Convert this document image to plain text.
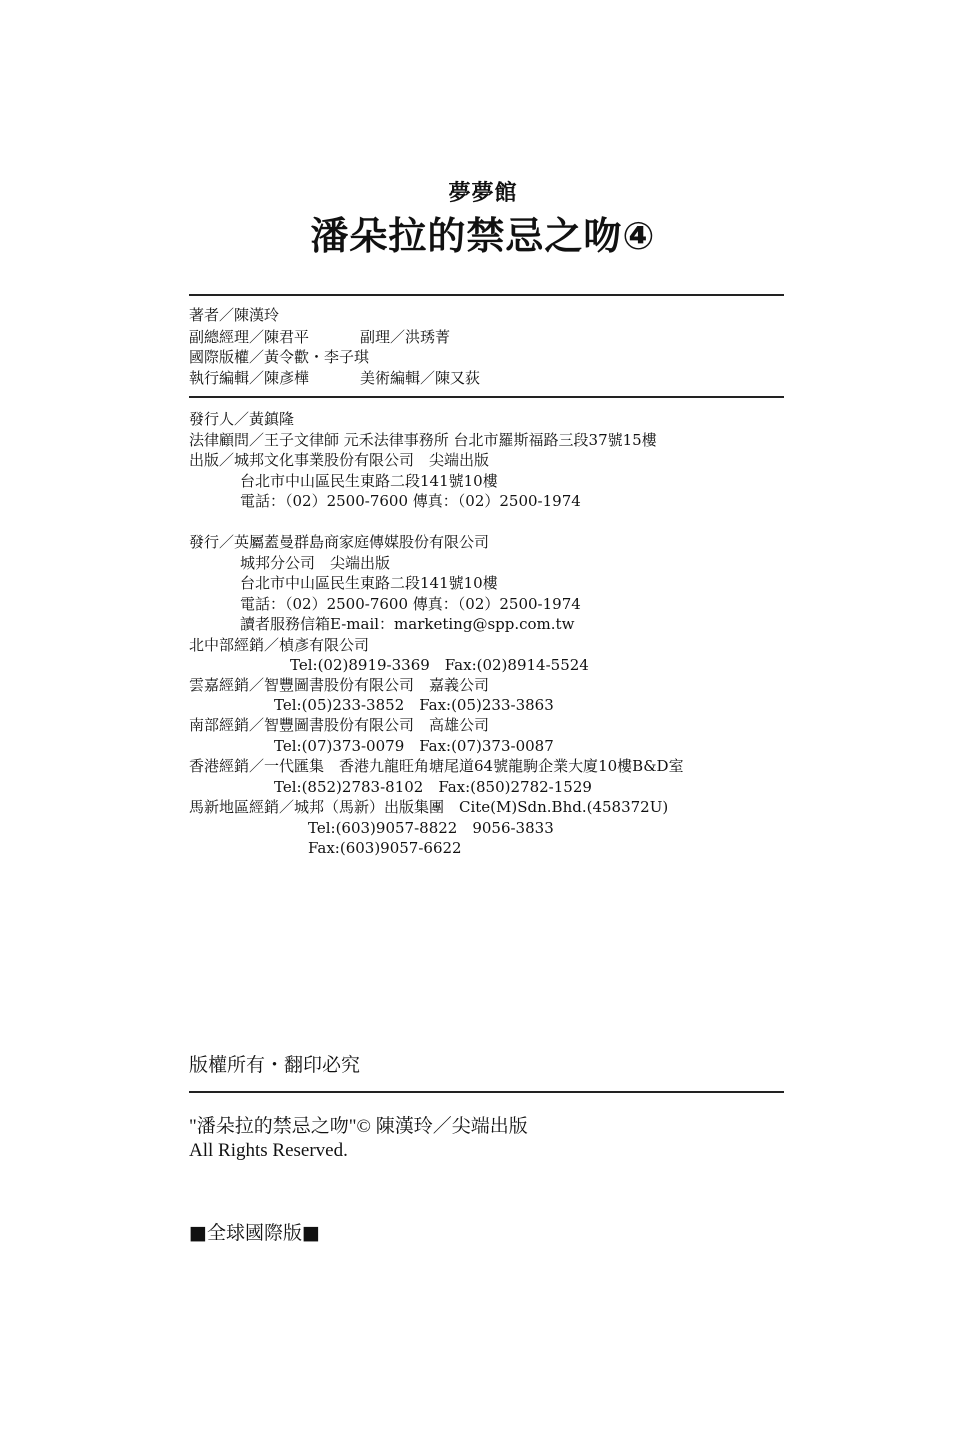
夢夢館
潘朵拉的禁忌之吻④
著者／陳漢玲
副總經理／陳君平	副理／洪琇菁
國際版權／黃令歡・李子琪
執行編輯／陳彥樺	美術編輯／陳又荻
發行人／黃鎮隆
法律顧問／王子文律師 元禾法律事務所 台北市羅斯福路三段37號15樓
出版／城邦文化事業股份有限公司　尖端出版
台北市中山區民生東路二段141號10樓
電話：（02）2500-7600 傳真：（02）2500-1974
發行／英屬蓋曼群島商家庭傳媒股份有限公司
城邦分公司　尖端出版
台北市中山區民生東路二段141號10樓
電話：（02）2500-7600 傳真：（02）2500-1974
讀者服務信箱E-mail：marketing@spp.com.tw
北中部經銷／楨彥有限公司
Tel:(02)8919-3369　Fax:(02)8914-5524
雲嘉經銷／智豐圖書股份有限公司　嘉義公司
Tel:(05)233-3852　Fax:(05)233-3863
南部經銷／智豐圖書股份有限公司　高雄公司
Tel:(07)373-0079　Fax:(07)373-0087
香港經銷／一代匯集　香港九龍旺角塘尾道64號龍駒企業大廈10樓B&D室
Tel:(852)2783-8102　Fax:(850)2782-1529
馬新地區經銷／城邦（馬新）出版集團　Cite(M)Sdn.Bhd.(458372U)
Tel:(603)9057-8822　9056-3833
Fax:(603)9057-6622
版權所有・翻印必究
"潘朵拉的禁忌之吻"© 陳漢玲／尖端出版
All Rights Reserved.
■全球國際版■
